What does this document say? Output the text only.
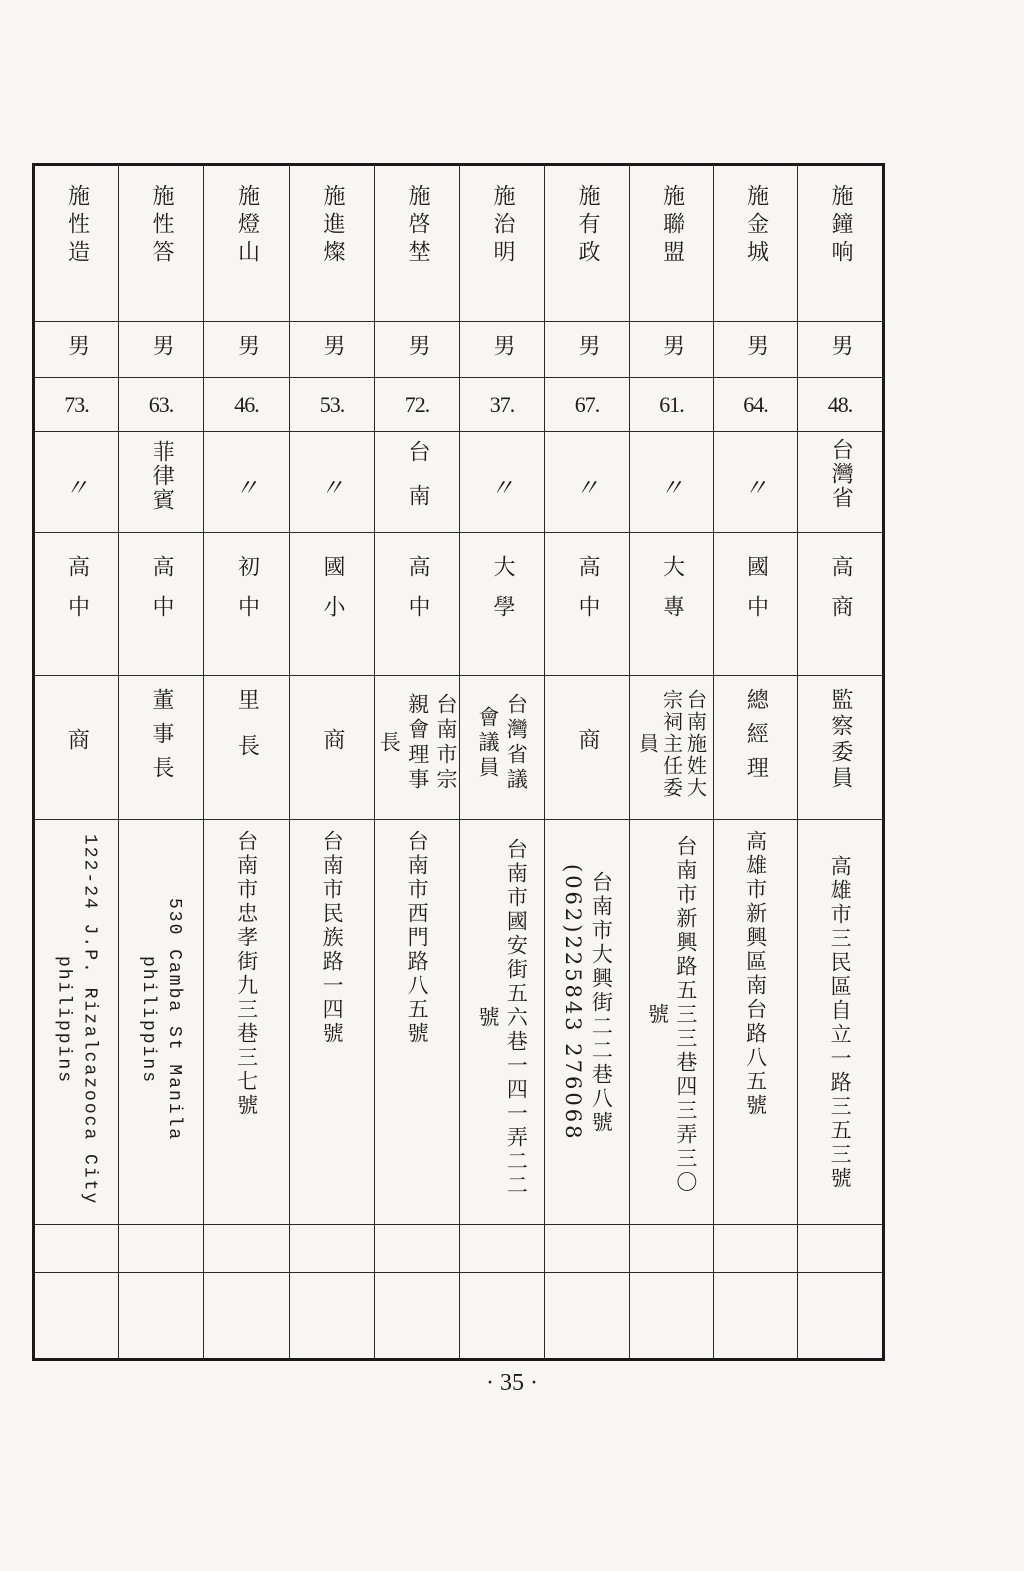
施性造	施性答	施燈山	施進燦	施啓埜	施治明	施有政	施聯盟	施金城	施鐘响
男	男	男	男	男	男	男	男	男	男
73.	63.	46.	53.	72.	37.	67.	61.	64.	48.
〃	菲律賓	〃	〃	台南	〃	〃	〃	〃	台灣省
高中	高中	初中	國小	高中	大學	高中	大專	國中	高商
商	董事長	里長	商	台南市宗親會理事長	台灣省議會議員	商	台南施姓大宗祠主任委員	總經理	監察委員
122-24 J.P. Rizalcazooca City philippins	530 Camba St Manila philippins	台南市忠孝街九三巷三七號	台南市民族路一四號	台南市西門路八五號	台南市國安街五六巷一四一弄二二號	台南市大興街二二巷八號(062)225843 276068	台南市新興路五三三巷四三弄三〇號	高雄市新興區南台路八五號	高雄市三民區自立一路三五三號

· 35 ·
